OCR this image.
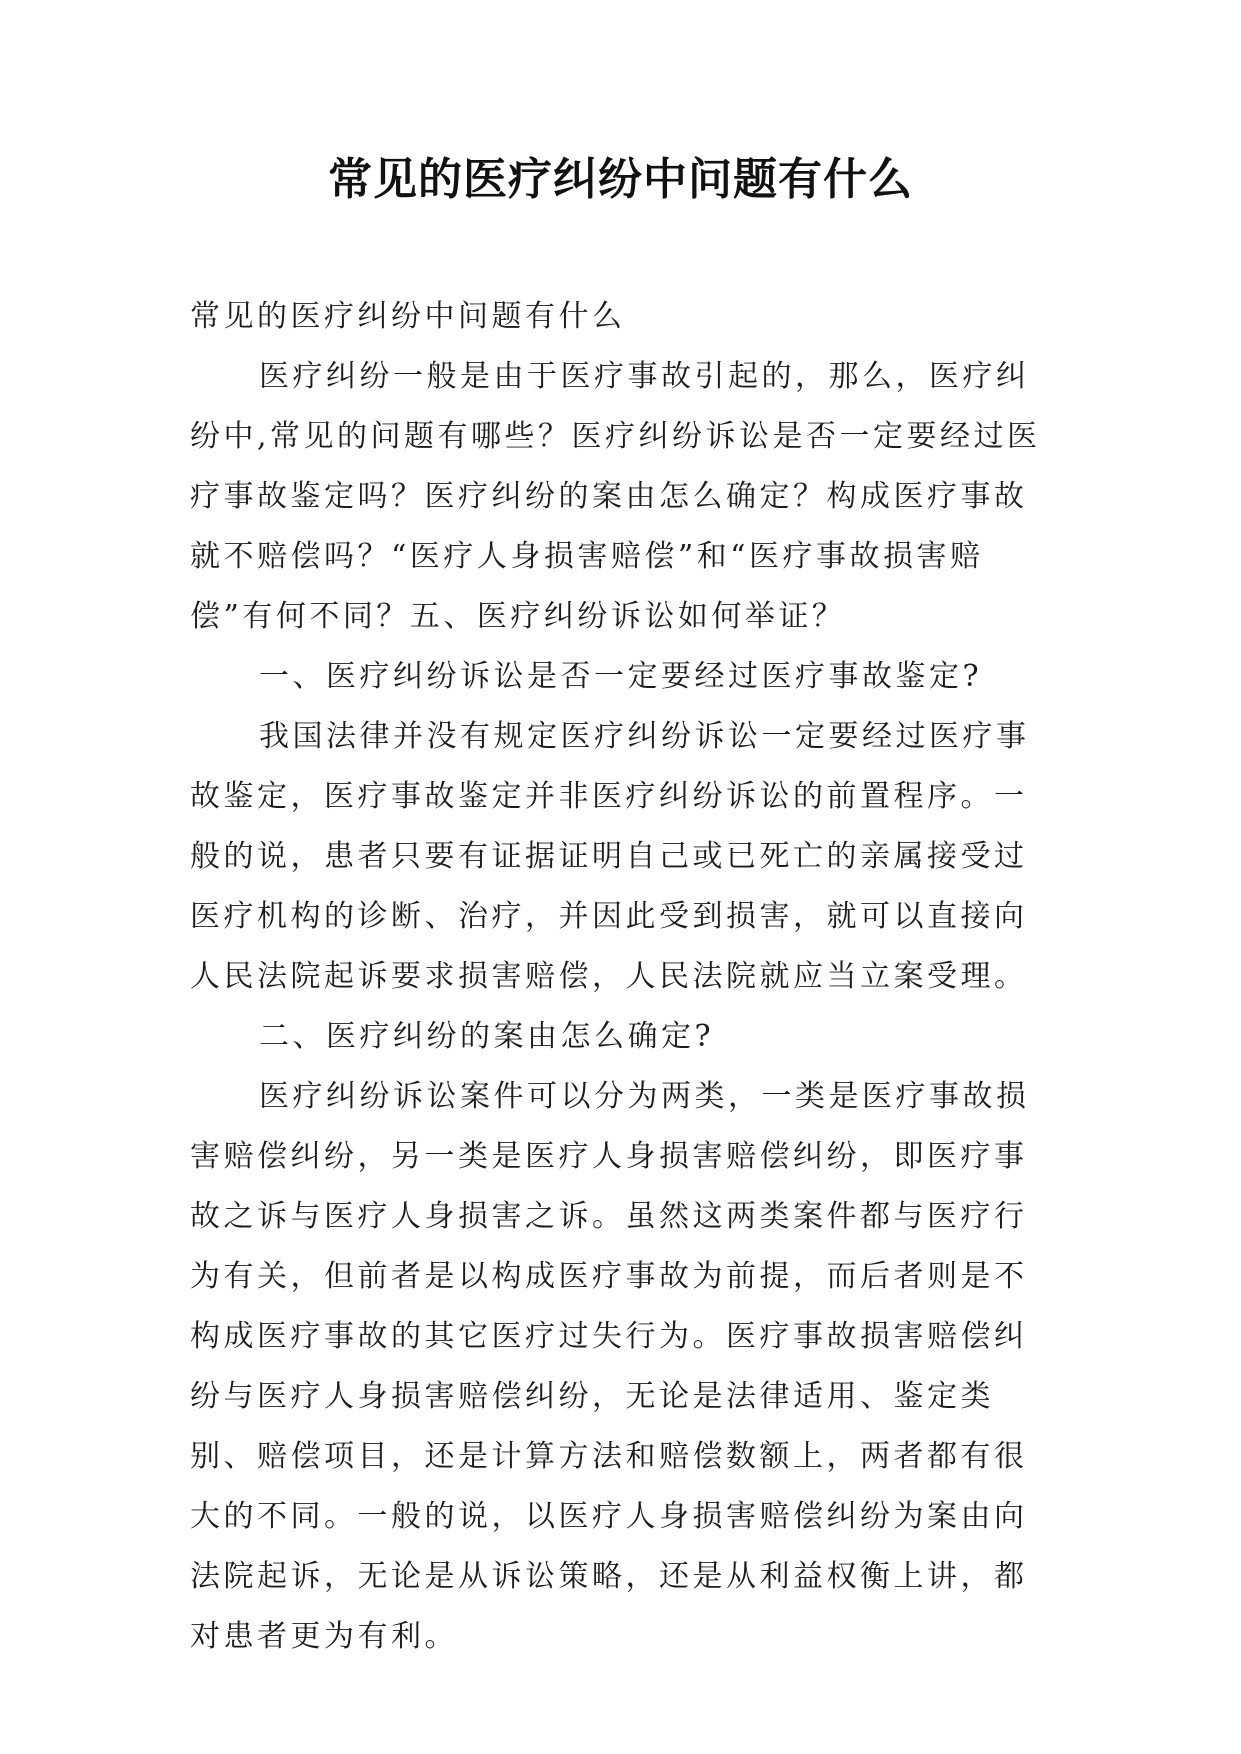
常见的医疗纠纷中问题有什么

常见的医疗纠纷中问题有什么

医疗纠纷一般是由于医疗事故引起的，那么，医疗纠纷中,常见的问题有哪些？医疗纠纷诉讼是否一定要经过医疗事故鉴定吗？医疗纠纷的案由怎么确定？构成医疗事故就不赔偿吗？“医疗人身损害赔偿”和“医疗事故损害赔偿”有何不同？五、医疗纠纷诉讼如何举证？

一、医疗纠纷诉讼是否一定要经过医疗事故鉴定?

我国法律并没有规定医疗纠纷诉讼一定要经过医疗事故鉴定，医疗事故鉴定并非医疗纠纷诉讼的前置程序。一般的说，患者只要有证据证明自己或已死亡的亲属接受过医疗机构的诊断、治疗，并因此受到损害，就可以直接向人民法院起诉要求损害赔偿，人民法院就应当立案受理。

二、医疗纠纷的案由怎么确定?

医疗纠纷诉讼案件可以分为两类，一类是医疗事故损害赔偿纠纷，另一类是医疗人身损害赔偿纠纷，即医疗事故之诉与医疗人身损害之诉。虽然这两类案件都与医疗行为有关，但前者是以构成医疗事故为前提，而后者则是不构成医疗事故的其它医疗过失行为。医疗事故损害赔偿纠纷与医疗人身损害赔偿纠纷，无论是法律适用、鉴定类别、赔偿项目，还是计算方法和赔偿数额上，两者都有很大的不同。一般的说，以医疗人身损害赔偿纠纷为案由向法院起诉，无论是从诉讼策略，还是从利益权衡上讲，都对患者更为有利。
